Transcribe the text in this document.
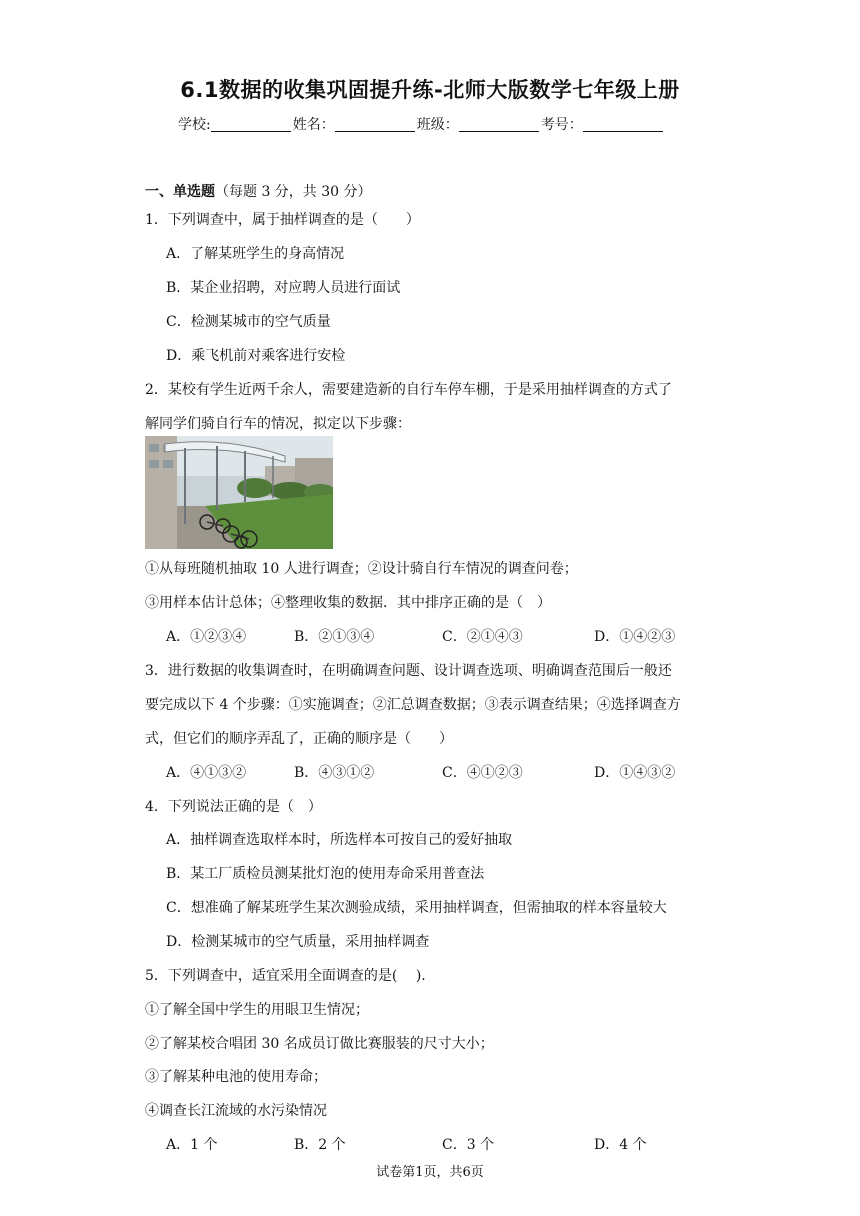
6.1数据的收集巩固提升练-北师大版数学七年级上册
学校:	姓名：	班级：	考号：
一、单选题（每题 3 分，共 30 分）
1．下列调查中，属于抽样调查的是（　　）
A．了解某班学生的身高情况
B．某企业招聘，对应聘人员进行面试
C．检测某城市的空气质量
D．乘飞机前对乘客进行安检
2．某校有学生近两千余人，需要建造新的自行车停车棚，于是采用抽样调查的方式了
解同学们骑自行车的情况，拟定以下步骤：
①从每班随机抽取 10 人进行调查；②设计骑自行车情况的调查问卷；
③用样本估计总体；④整理收集的数据．其中排序正确的是（　）
A．①②③④	B．②①③④	C．②①④③	D．①④②③
3．进行数据的收集调查时，在明确调查问题、设计调查选项、明确调查范围后一般还
要完成以下 4 个步骤：①实施调查；②汇总调查数据；③表示调查结果；④选择调查方
式，但它们的顺序弄乱了，正确的顺序是（　　）
A．④①③②	B．④③①②	C．④①②③	D．①④③②
4．下列说法正确的是（　）
A．抽样调查选取样本时，所选样本可按自己的爱好抽取
B．某工厂质检员测某批灯泡的使用寿命采用普查法
C．想准确了解某班学生某次测验成绩，采用抽样调查，但需抽取的样本容量较大
D．检测某城市的空气质量，采用抽样调查
5．下列调查中，适宜采用全面调查的是(　 ).
①了解全国中学生的用眼卫生情况；
②了解某校合唱团 30 名成员订做比赛服装的尺寸大小；
③了解某种电池的使用寿命；
④调查长江流域的水污染情况
A．1 个	B．2 个	C．3 个	D．4 个
试卷第1页，共6页
